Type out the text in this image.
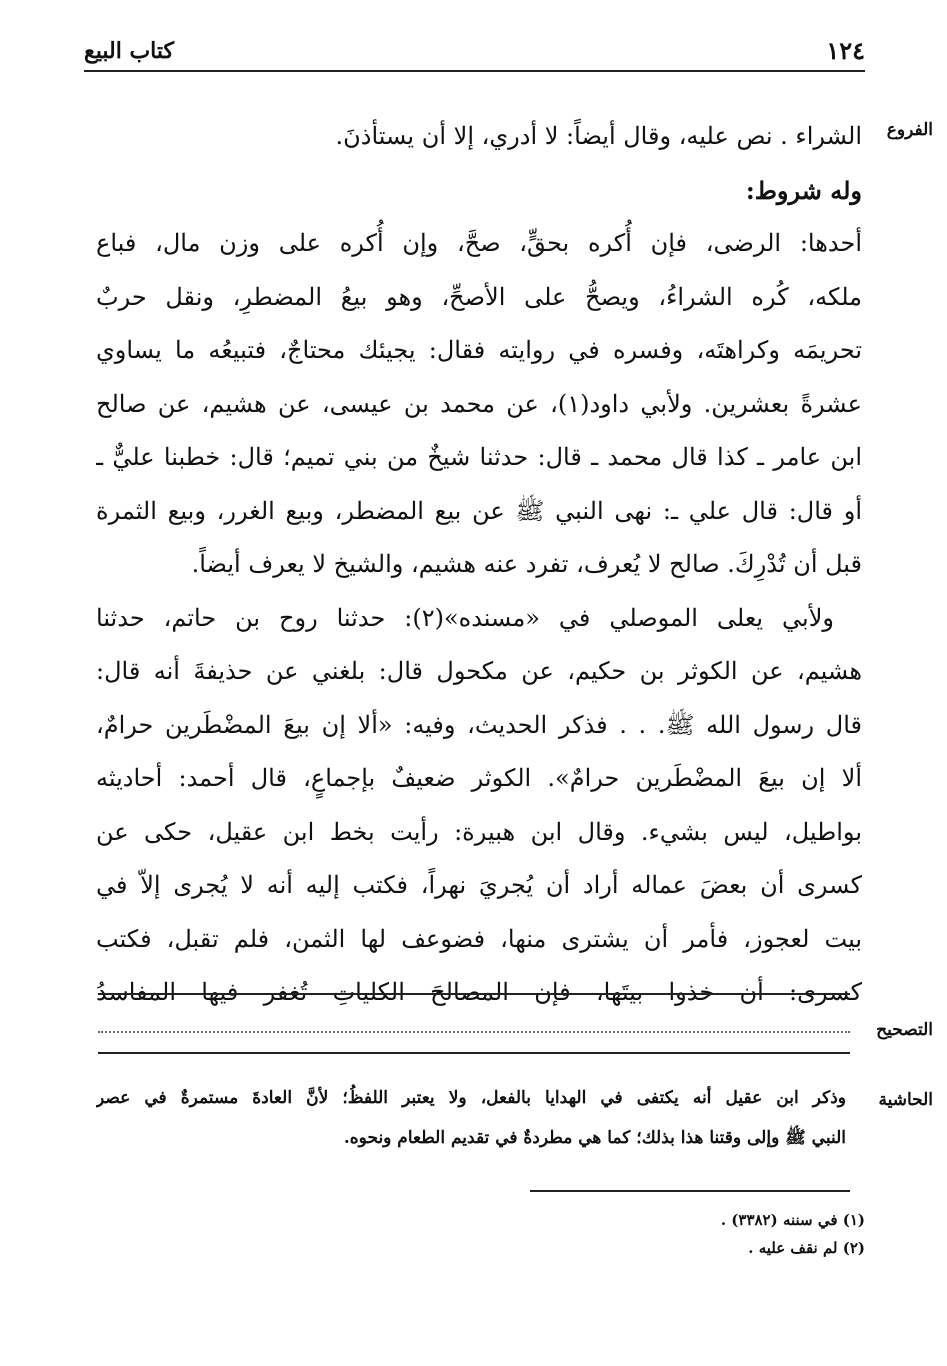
كتاب البيع	١٢٤
الفروع
التصحيح
الحاشية
الشراء . نص عليه، وقال أيضاً: لا أدري، إلا أن يستأذنَ.
وله شروط:
أحدها: الرضى، فإن أُكره بحقٍّ، صحَّ، وإن أُكره على وزن مال، فباع
ملكه، كُره الشراءُ، ويصحُّ على الأصحِّ، وهو بيعُ المضطرِ، ونقل حربٌ
تحريمَه وكراهتَه، وفسره في روايته فقال: يجيئك محتاجٌ، فتبيعُه ما يساوي
عشرةً بعشرين. ولأبي داود(١)، عن محمد بن عيسى، عن هشيم، عن صالح
ابن عامر ـ كذا قال محمد ـ قال: حدثنا شيخٌ من بني تميم؛ قال: خطبنا عليٌّ ـ
أو قال: قال علي ـ: نهى النبي ﷺ عن بيع المضطر، وبيع الغرر، وبيع الثمرة
قبل أن تُدْرِكَ. صالح لا يُعرف، تفرد عنه هشيم، والشيخ لا يعرف أيضاً.
ولأبي يعلى الموصلي في «مسنده»(٢): حدثنا روح بن حاتم، حدثنا
هشيم، عن الكوثر بن حكيم، عن مكحول قال: بلغني عن حذيفةَ أنه قال:
قال رسول الله ﷺ. . . فذكر الحديث، وفيه: «ألا إن بيعَ المضْطَرين حرامٌ،
ألا إن بيعَ المضْطَرين حرامٌ». الكوثر ضعيفٌ بإجماعٍ، قال أحمد: أحاديثه
بواطيل، ليس بشيء. وقال ابن هبيرة: رأيت بخط ابن عقيل، حكى عن
كسرى أن بعضَ عماله أراد أن يُجريَ نهراً، فكتب إليه أنه لا يُجرى إلاّ في
بيت لعجوز، فأمر أن يشترى منها، فضوعف لها الثمن، فلم تقبل، فكتب
كسرى: أن خذوا بيتَها، فإن المصالحَ الكلياتِ تُغفر فيها المفاسدُ
وذكر ابن عقيل أنه يكتفى في الهدايا بالفعل، ولا يعتبر اللفظُ؛ لأنَّ العادةَ مستمرةٌ في عصر
النبي ﷺ وإلى وقتنا هذا بذلك؛ كما هي مطردةٌ في تقديم الطعام ونحوه.
(١) في سننه (٣٣٨٢) .
(٢) لم نقف عليه .
